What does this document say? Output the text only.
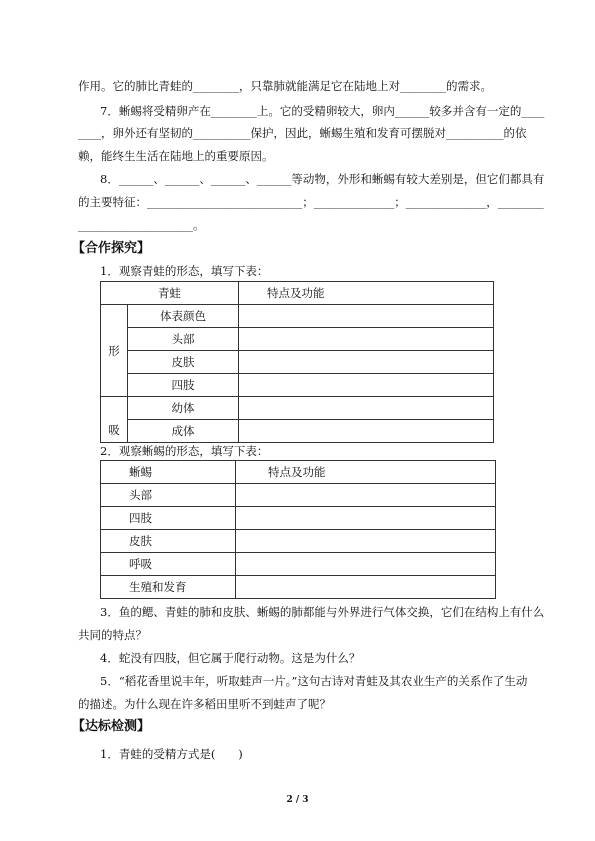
作用。它的肺比青蛙的________，只靠肺就能满足它在陆地上对________的需求。
7．蜥蜴将受精卵产在________上。它的受精卵较大，卵内______较多并含有一定的____
____，卵外还有坚韧的__________保护，因此，蜥蜴生殖和发育可摆脱对__________的依
赖，能终生生活在陆地上的重要原因。
8．______、______、______、______等动物，外形和蜥蜴有较大差别是，但它们都具有
的主要特征：___________________________；______________；______________，________
____________________。
【合作探究】
1．观察青蛙的形态，填写下表：
青蛙		特点及功能
形	体表颜色	
	头部	
	皮肤	
	四肢	
吸	幼体	
	成体	
2．观察蜥蜴的形态，填写下表：
蜥蜴	特点及功能
头部	
四肢	
皮肤	
呼吸	
生殖和发育	
3．鱼的鳃、青蛙的肺和皮肤、蜥蜴的肺都能与外界进行气体交换，它们在结构上有什么
共同的特点？
4．蛇没有四肢，但它属于爬行动物。这是为什么？
5．“稻花香里说丰年，听取蛙声一片。”这句古诗对青蛙及其农业生产的关系作了生动
的描述。为什么现在许多稻田里听不到蛙声了呢？
【达标检测】
1．青蛙的受精方式是(　　)
2 / 3
